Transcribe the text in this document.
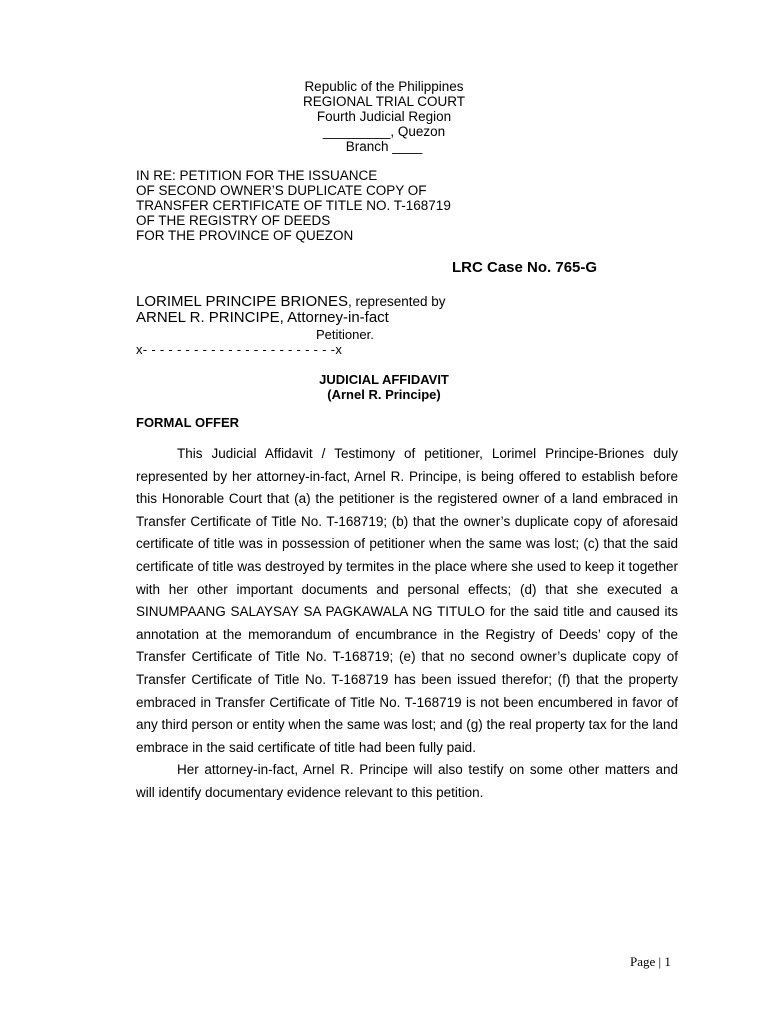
Republic of the Philippines
REGIONAL TRIAL COURT
Fourth Judicial Region
_________, Quezon
Branch ____
IN RE: PETITION FOR THE ISSUANCE
OF SECOND OWNER’S DUPLICATE COPY OF
TRANSFER CERTIFICATE OF TITLE NO. T-168719
OF THE REGISTRY OF DEEDS
FOR THE PROVINCE OF QUEZON
LRC Case No. 765-G
LORIMEL PRINCIPE BRIONES, represented by
ARNEL R. PRINCIPE, Attorney-in-fact
Petitioner.
x- - - - - - - - - - - - - - - - - - - - - - -x
JUDICIAL AFFIDAVIT
(Arnel R. Principe)
FORMAL OFFER

This Judicial Affidavit / Testimony of petitioner, Lorimel Principe-Briones duly represented by her attorney-in-fact, Arnel R. Principe, is being offered to establish before this Honorable Court that (a) the petitioner is the registered owner of a land embraced in Transfer Certificate of Title No. T-168719; (b) that the owner’s duplicate copy of aforesaid certificate of title was in possession of petitioner when the same was lost; (c) that the said certificate of title was destroyed by termites in the place where she used to keep it together with her other important documents and personal effects; (d) that she executed a SINUMPAANG SALAYSAY SA PAGKAWALA NG TITULO for the said title and caused its annotation at the memorandum of encumbrance in the Registry of Deeds’ copy of the Transfer Certificate of Title No. T-168719; (e) that no second owner’s duplicate copy of Transfer Certificate of Title No. T-168719 has been issued therefor; (f) that the property embraced in Transfer Certificate of Title No. T-168719 is not been encumbered in favor of any third person or entity when the same was lost; and (g) the real property tax for the land embrace in the said certificate of title had been fully paid.

Her attorney-in-fact, Arnel R. Principe will also testify on some other matters and will identify documentary evidence relevant to this petition.

Page | 1
